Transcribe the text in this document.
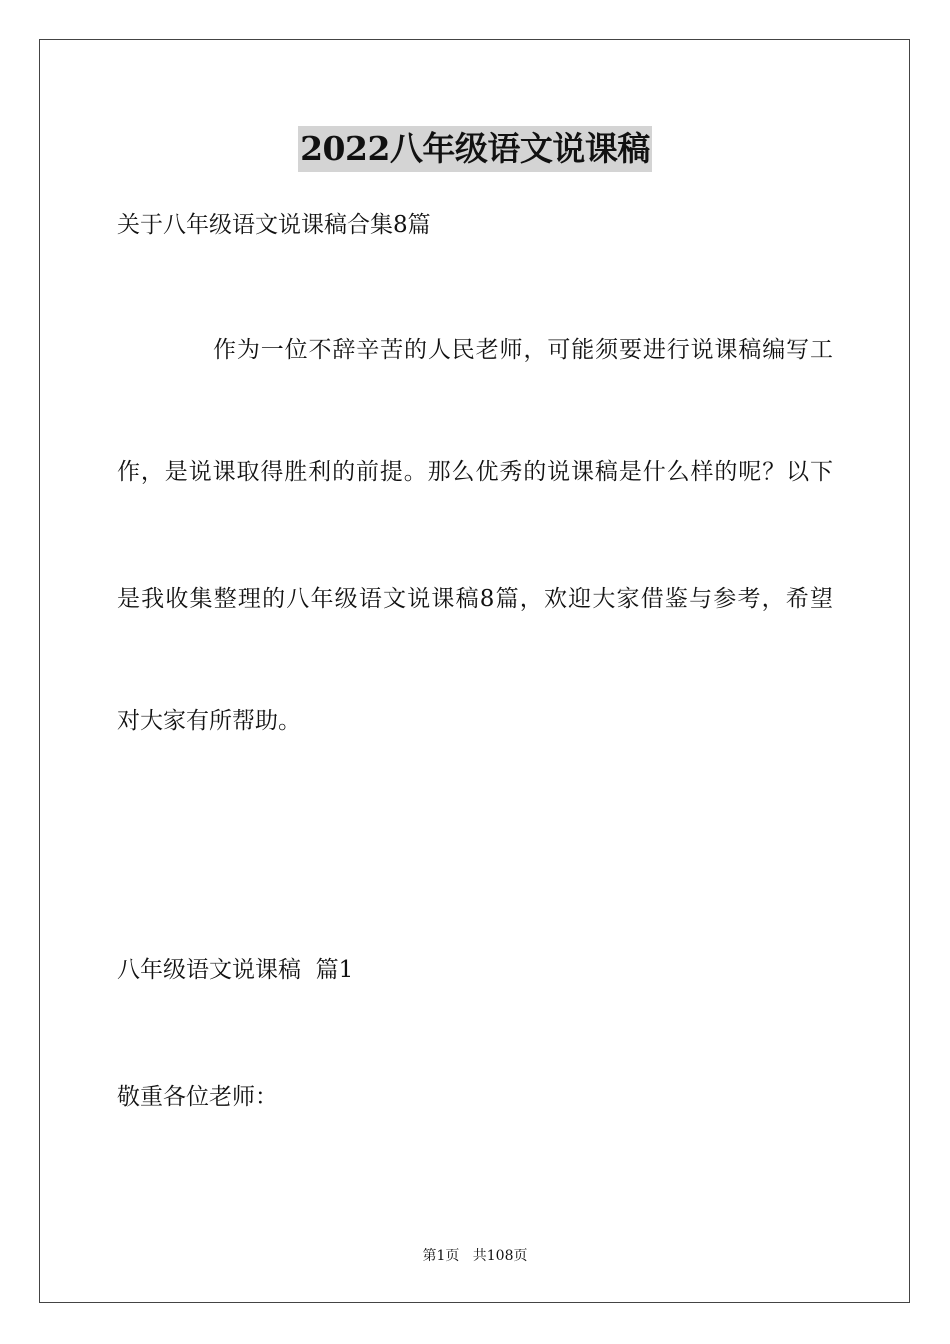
2022八年级语文说课稿
关于八年级语文说课稿合集8篇
作为一位不辞辛苦的人民老师，可能须要进行说课稿编写工
作，是说课取得胜利的前提。那么优秀的说课稿是什么样的呢？以下
是我收集整理的八年级语文说课稿8篇，欢迎大家借鉴与参考，希望
对大家有所帮助。
八年级语文说课稿  篇1
敬重各位老师：
第1页 共108页
